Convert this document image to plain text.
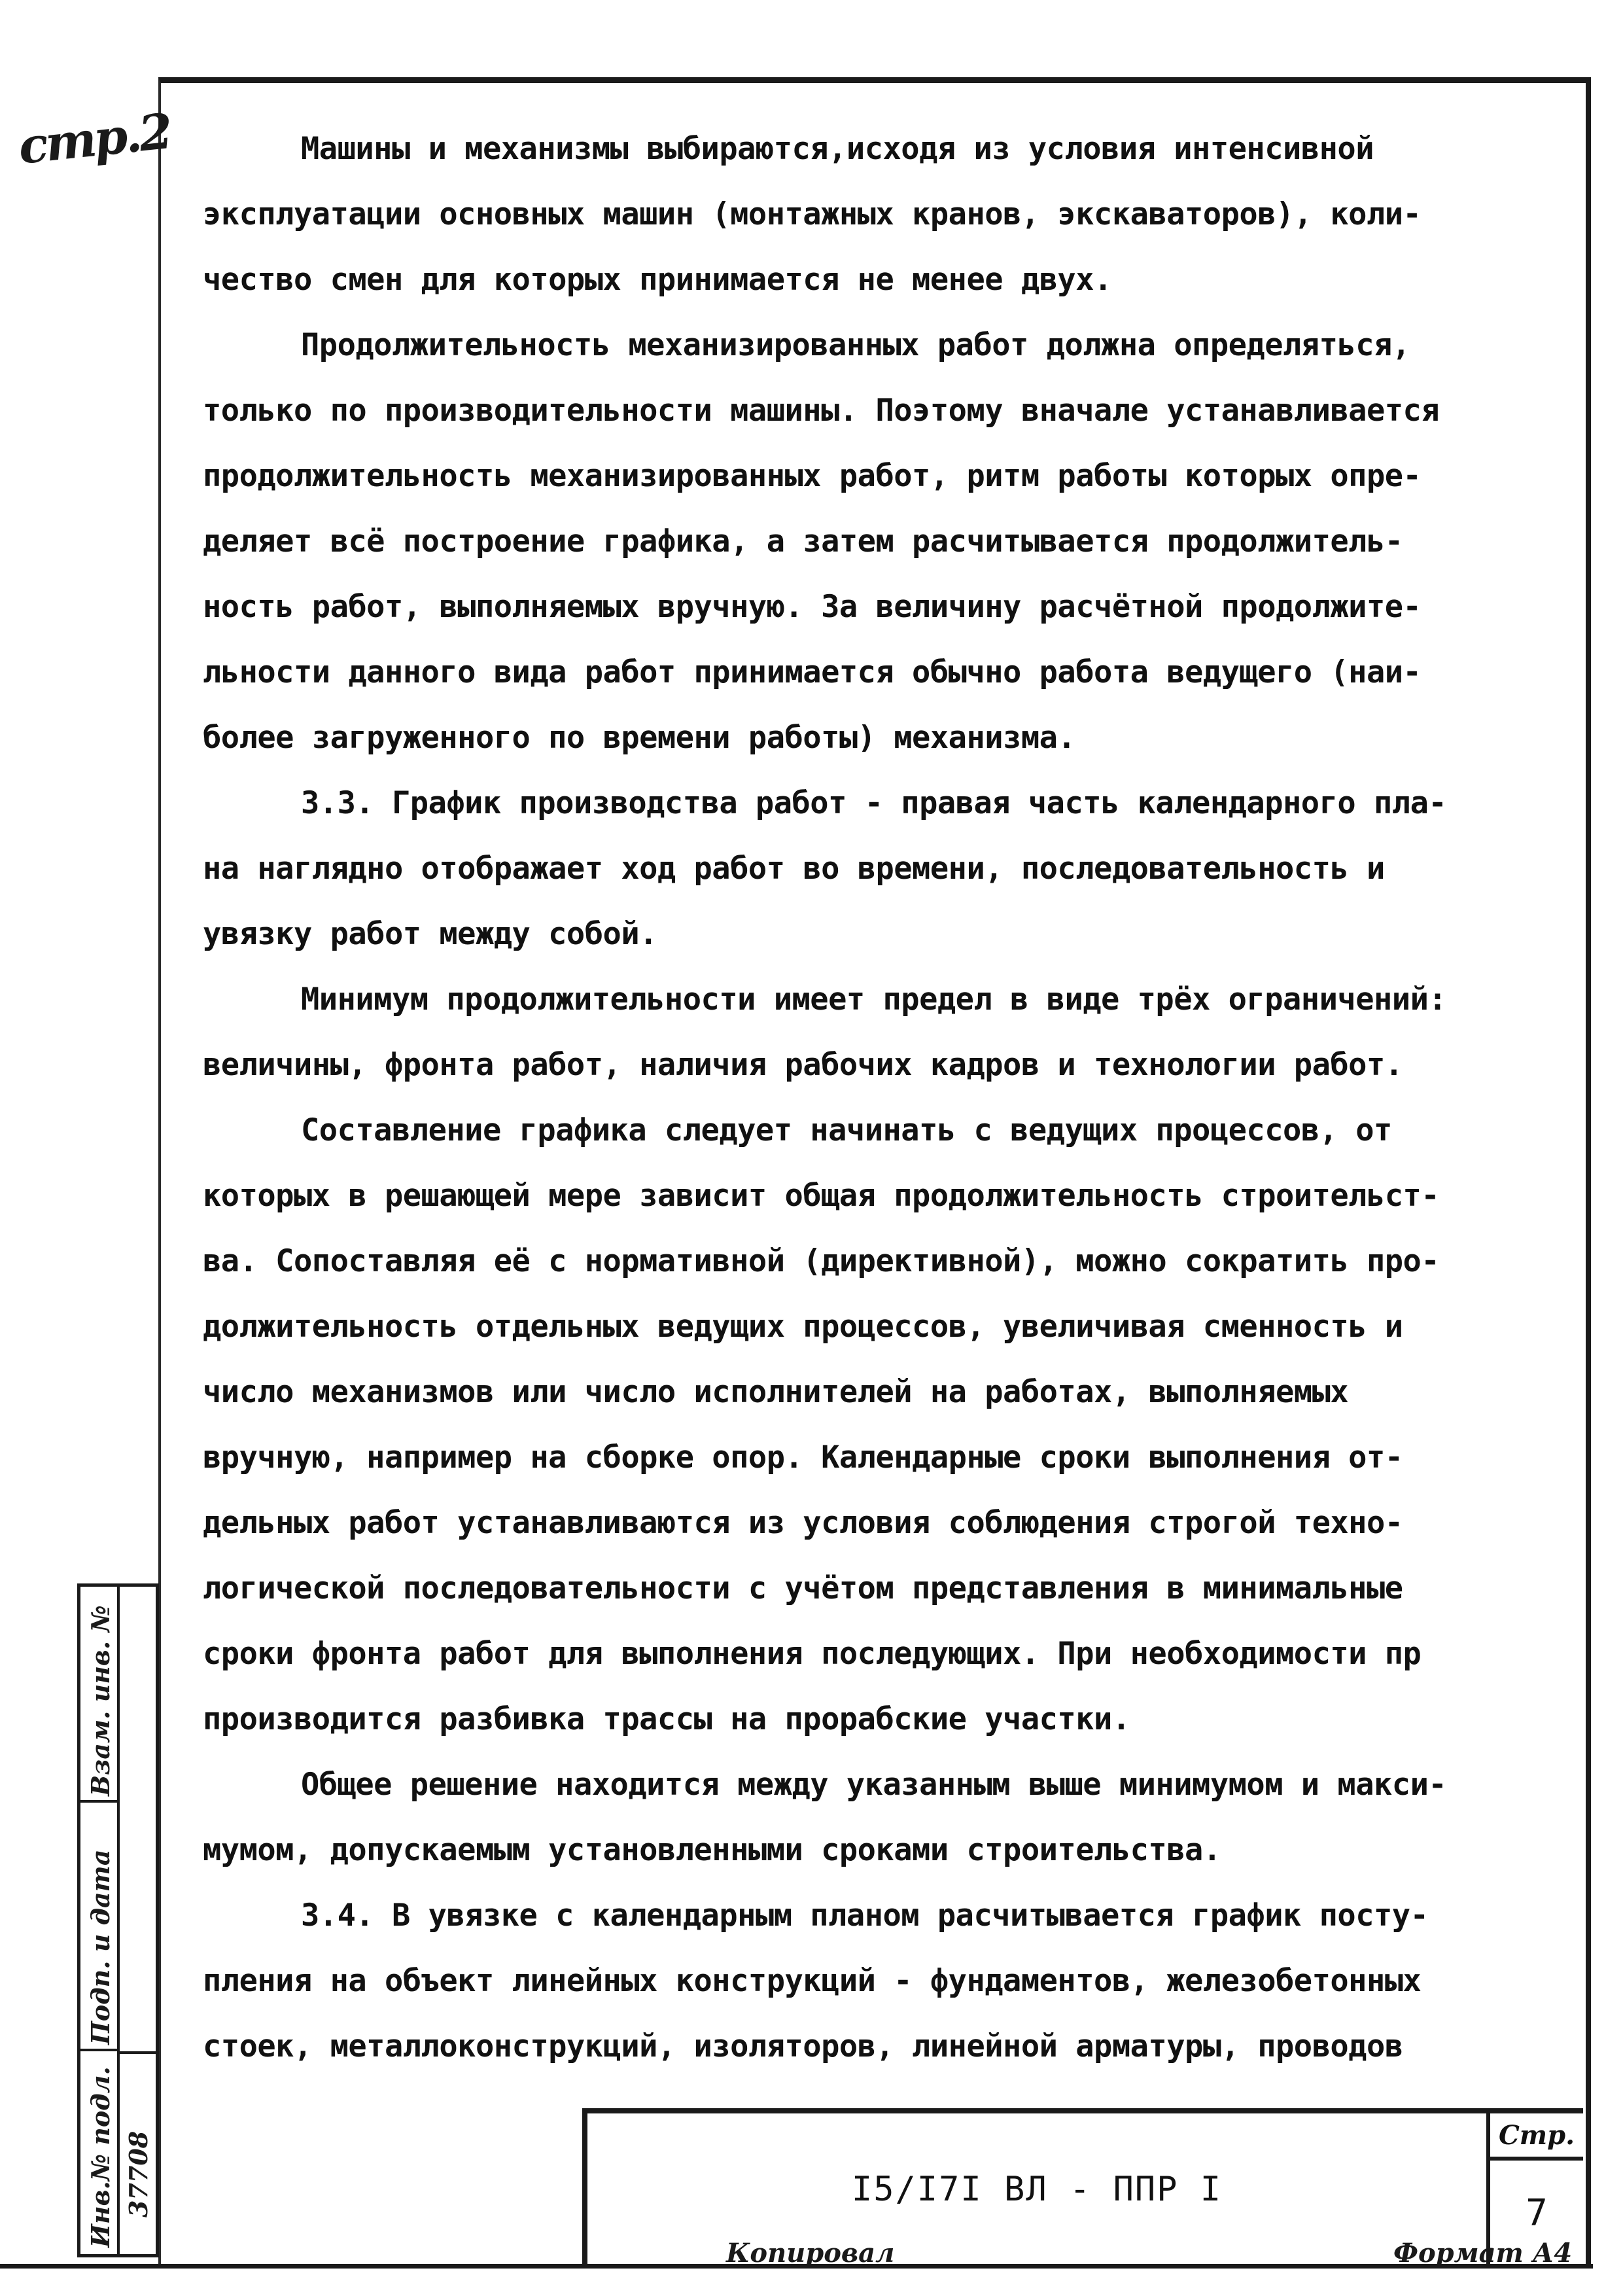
стр.2	Машины и механизмы выбираются,исходя из условия интенсивной
эксплуатации основных машин (монтажных кранов, экскаваторов), коли-
чество смен для которых принимается не менее двух.
Продолжительность механизированных работ должна определяться,
только по производительности машины. Поэтому вначале устанавливается
продолжительность механизированных работ, ритм работы которых опре-
деляет всё построение графика, а затем расчитывается продолжитель-
ность работ, выполняемых вручную. За величину расчётной продолжите-
льности данного вида работ принимается обычно работа ведущего (наи-
более загруженного по времени работы) механизма.
3.3. График производства работ - правая часть календарного пла-
на наглядно отображает ход работ во времени, последовательность и
увязку работ между собой.
Минимум продолжительности имеет предел в виде трёх ограничений:
величины, фронта работ, наличия рабочих кадров и технологии работ.
Составление графика следует начинать с ведущих процессов, от
которых в решающей мере зависит общая продолжительность строительст-
ва. Сопоставляя её с нормативной (директивной), можно сократить про-
должительность отдельных ведущих процессов, увеличивая сменность и
число механизмов или число исполнителей на работах, выполняемых
вручную, например на сборке опор. Календарные сроки выполнения от-
дельных работ устанавливаются из условия соблюдения строгой техно-
логической последовательности с учётом представления в минимальные
сроки фронта работ для выполнения последующих. При необходимости пр
производится разбивка трассы на прорабские участки.
Общее решение находится между указанным выше минимумом и макси-
мумом, допускаемым установленными сроками строительства.
3.4. В увязке с календарным планом расчитывается график посту-
пления на объект линейных конструкций - фундаментов, железобетонных
стоек, металлоконструкций, изоляторов, линейной арматуры, проводов
Взам. инв. №
Подп. и дата
Инв.№ подл. 37708	I5/I7I ВЛ - ППР I
Стр.
7
Копировал	Формат А4
